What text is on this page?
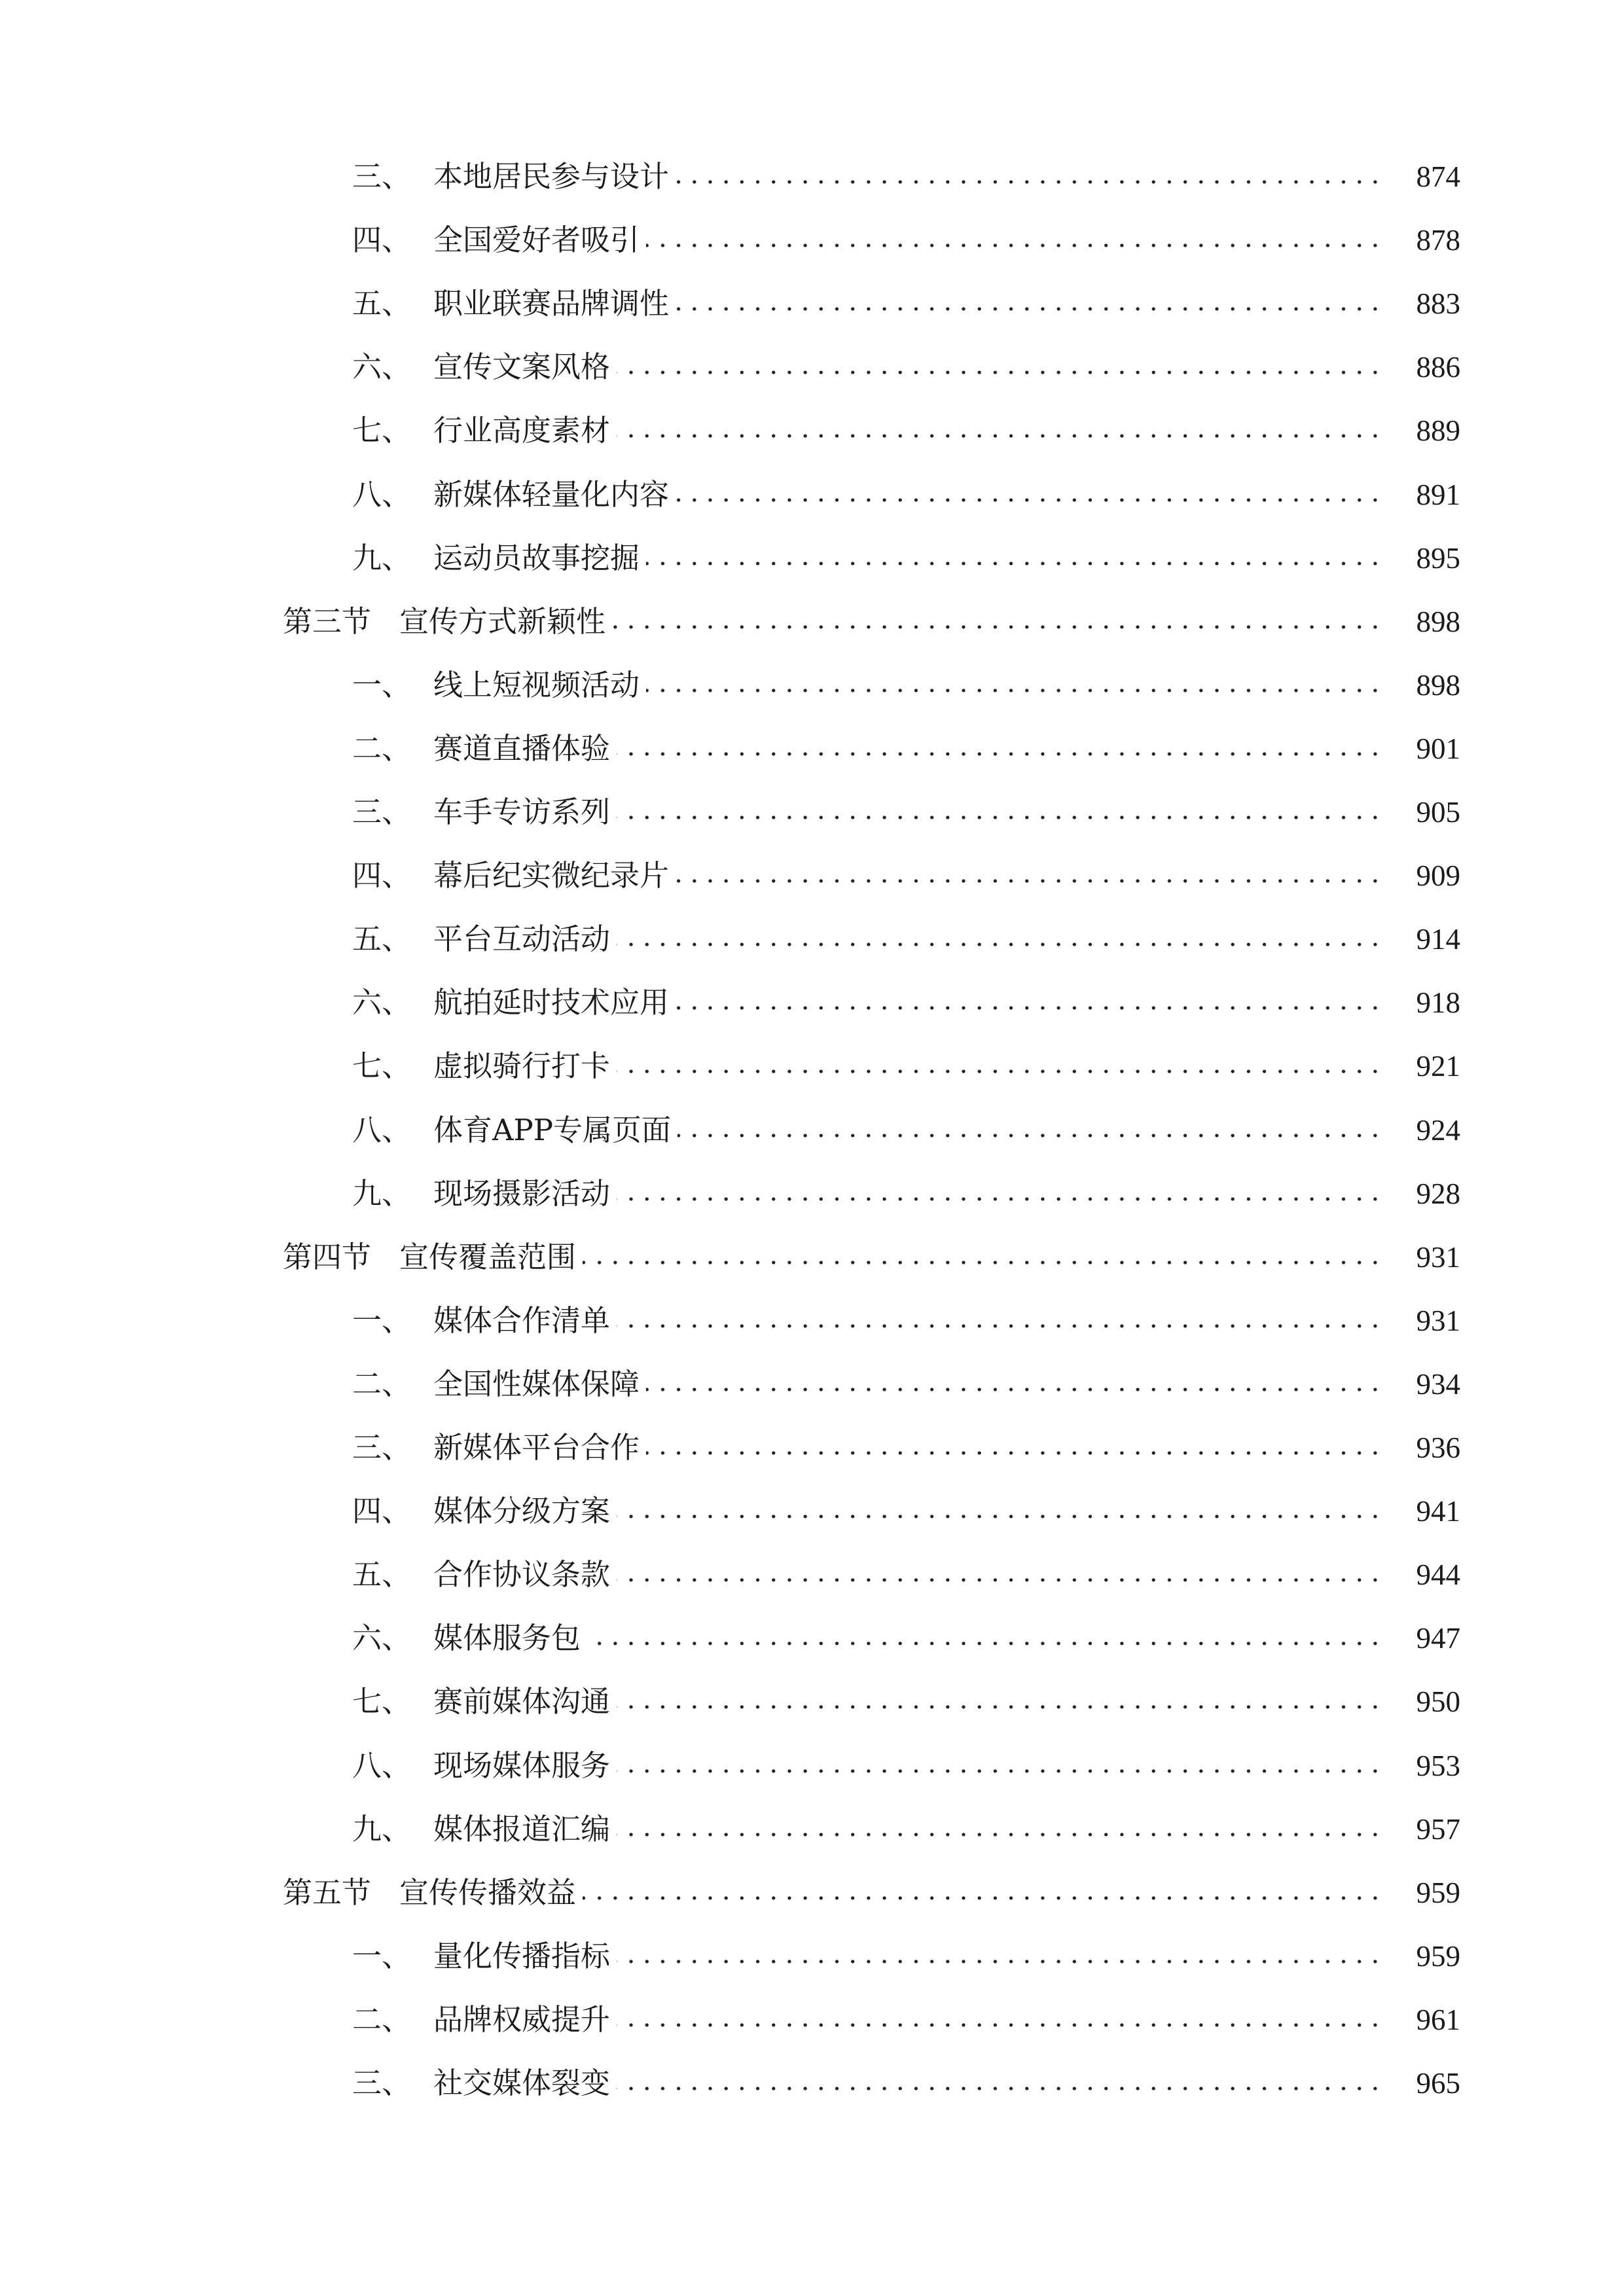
三、 本地居民参与设计	874
四、 全国爱好者吸引	878
五、 职业联赛品牌调性	883
六、 宣传文案风格	886
七、 行业高度素材	889
八、 新媒体轻量化内容	891
九、 运动员故事挖掘	895
第三节 宣传方式新颖性	898
一、 线上短视频活动	898
二、 赛道直播体验	901
三、 车手专访系列	905
四、 幕后纪实微纪录片	909
五、 平台互动活动	914
六、 航拍延时技术应用	918
七、 虚拟骑行打卡	921
八、 体育APP专属页面	924
九、 现场摄影活动	928
第四节 宣传覆盖范围	931
一、 媒体合作清单	931
二、 全国性媒体保障	934
三、 新媒体平台合作	936
四、 媒体分级方案	941
五、 合作协议条款	944
六、 媒体服务包	947
七、 赛前媒体沟通	950
八、 现场媒体服务	953
九、 媒体报道汇编	957
第五节 宣传传播效益	959
一、 量化传播指标	959
二、 品牌权威提升	961
三、 社交媒体裂变	965
